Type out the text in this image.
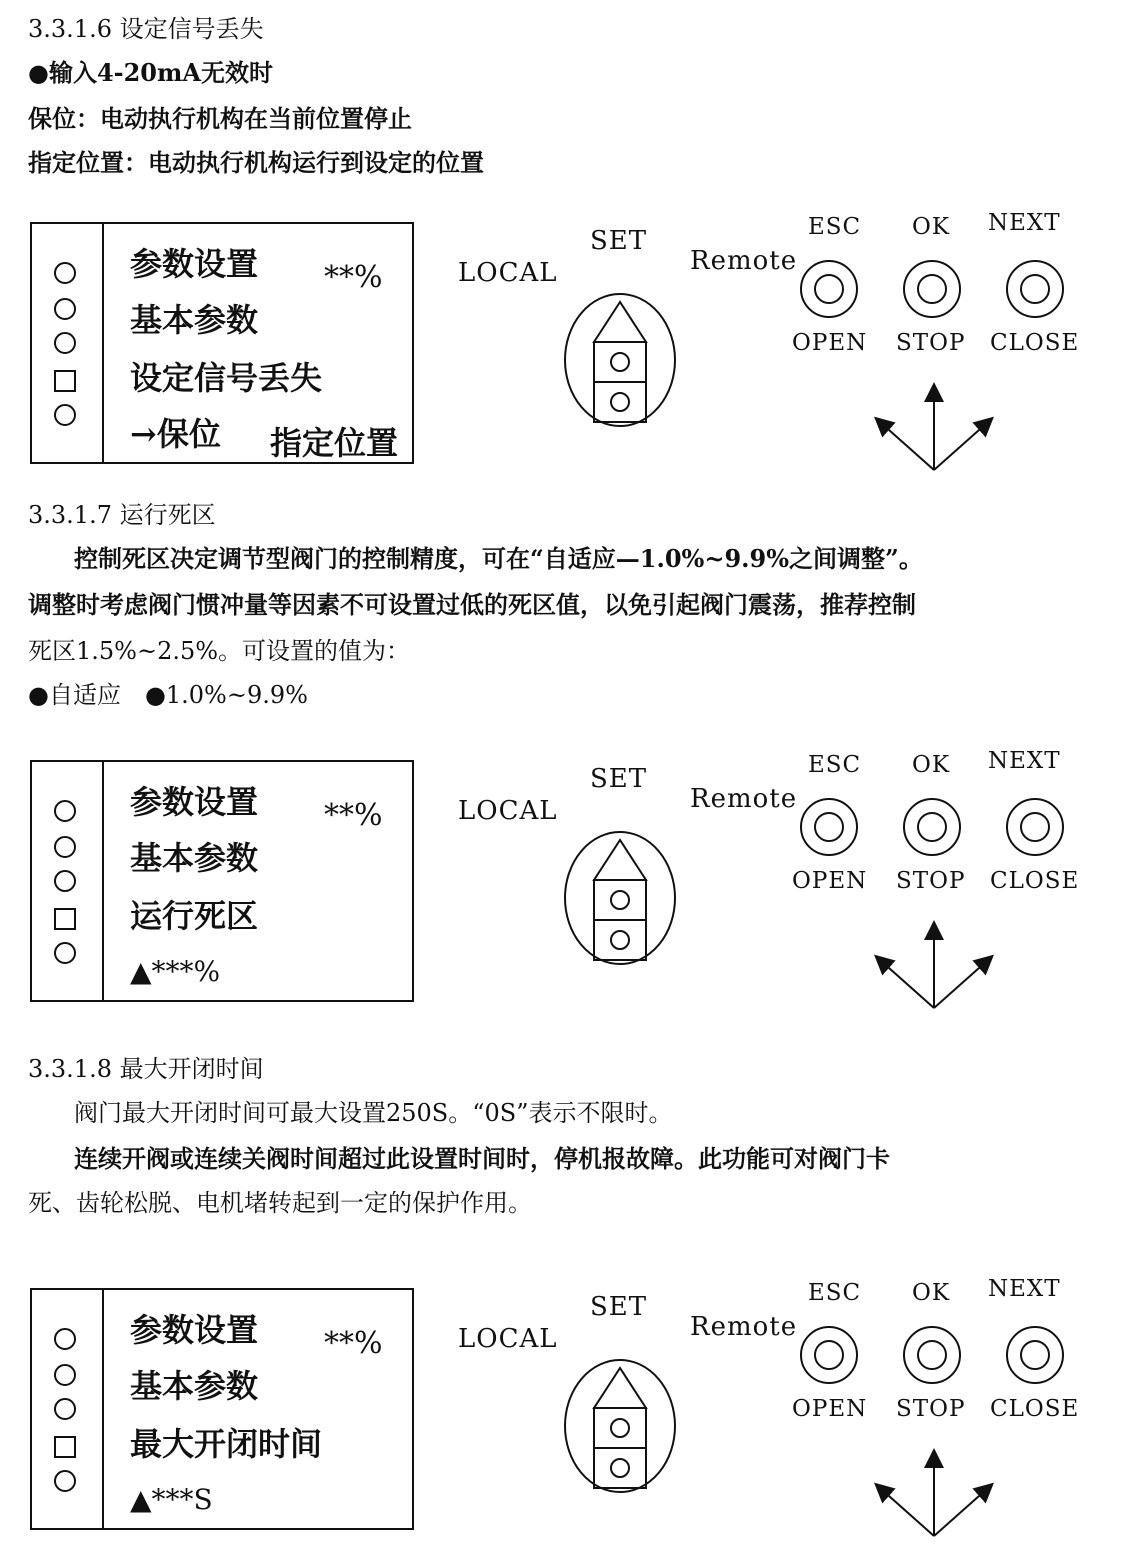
3.3.1.6 设定信号丢失
●输入4-20mA无效时
保位：电动执行机构在当前位置停止
指定位置：电动执行机构运行到设定的位置
参数设置 **%
基本参数
设定信号丢失
→保位 指定位置
LOCAL
SET
Remote
ESC OK NEXT
OPEN STOP CLOSE
3.3.1.7 运行死区
控制死区决定调节型阀门的控制精度，可在“自适应—1.0%~9.9%之间调整”。
调整时考虑阀门惯冲量等因素不可设置过低的死区值，以免引起阀门震荡，推荐控制
死区1.5%~2.5%。可设置的值为：
●自适应　●1.0%~9.9%
参数设置 **%
基本参数
运行死区
▲***%
LOCAL
SET
Remote
ESC OK NEXT
OPEN STOP CLOSE
3.3.1.8 最大开闭时间
阀门最大开闭时间可最大设置250S。“0S”表示不限时。
连续开阀或连续关阀时间超过此设置时间时，停机报故障。此功能可对阀门卡
死、齿轮松脱、电机堵转起到一定的保护作用。
参数设置 **%
基本参数
最大开闭时间
▲***S
LOCAL
SET
Remote
ESC OK NEXT
OPEN STOP CLOSE
